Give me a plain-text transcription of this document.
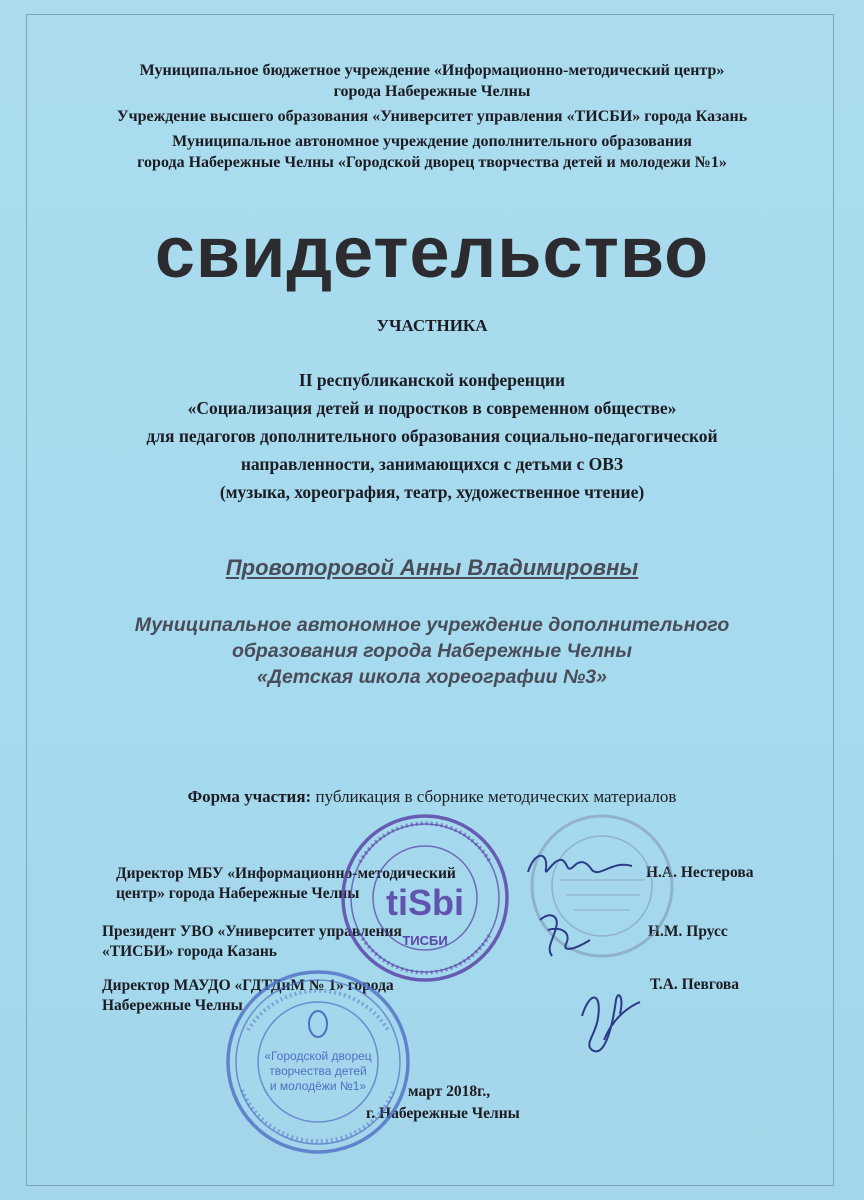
Муниципальное бюджетное учреждение «Информационно-методический центр»
города Набережные Челны
Учреждение высшего образования «Университет управления «ТИСБИ» города Казань
Муниципальное автономное учреждение дополнительного образования
города Набережные Челны «Городской дворец творчества детей и молодежи №1»
свидетельство
УЧАСТНИКА
II республиканской конференции
«Социализация детей и подростков в современном обществе»
для педагогов дополнительного образования социально-педагогической
направленности, занимающихся с детьми с ОВЗ
(музыка, хореография, театр, художественное чтение)
Провоторовой Анны Владимировны
Муниципальное автономное учреждение дополнительного
образования города Набережные Челны
«Детская школа хореографии №3»
Форма участия: публикация в сборнике методических материалов
Директор МБУ «Информационно-методический
центр» города Набережные Челны
Н.А. Нестерова
Президент УВО «Университет управления
«ТИСБИ» города Казань
Н.М. Прусс
Директор МАУДО «ГДТДиМ № 1» города
Набережные Челны
Т.А. Певгова
март 2018г.,
г. Набережные Челны
tiSbi
ТИСБИ
«Городской дворец
творчества детей
и молодёжи №1»
